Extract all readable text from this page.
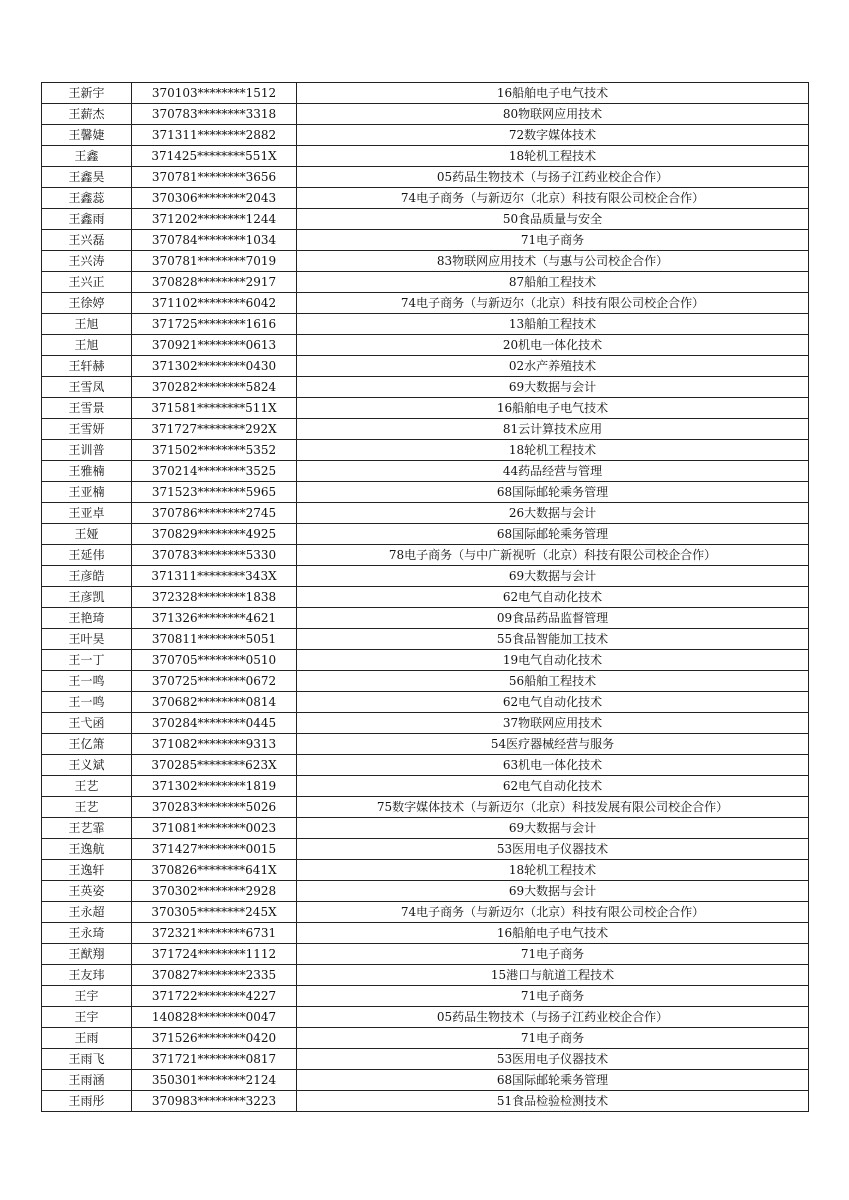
王新宇	370103********1512	16船舶电子电气技术
王薪杰	370783********3318	80物联网应用技术
王馨婕	371311********2882	72数字媒体技术
王鑫	371425********551X	18轮机工程技术
王鑫昊	370781********3656	05药品生物技术（与扬子江药业校企合作）
王鑫蕊	370306********2043	74电子商务（与新迈尔（北京）科技有限公司校企合作）
王鑫雨	371202********1244	50食品质量与安全
王兴磊	370784********1034	71电子商务
王兴涛	370781********7019	83物联网应用技术（与惠与公司校企合作）
王兴正	370828********2917	87船舶工程技术
王徐婷	371102********6042	74电子商务（与新迈尔（北京）科技有限公司校企合作）
王旭	371725********1616	13船舶工程技术
王旭	370921********0613	20机电一体化技术
王轩赫	371302********0430	02水产养殖技术
王雪凤	370282********5824	69大数据与会计
王雪景	371581********511X	16船舶电子电气技术
王雪妍	371727********292X	81云计算技术应用
王训普	371502********5352	18轮机工程技术
王雅楠	370214********3525	44药品经营与管理
王亚楠	371523********5965	68国际邮轮乘务管理
王亚卓	370786********2745	26大数据与会计
王娅	370829********4925	68国际邮轮乘务管理
王延伟	370783********5330	78电子商务（与中广新视听（北京）科技有限公司校企合作）
王彦皓	371311********343X	69大数据与会计
王彦凯	372328********1838	62电气自动化技术
王艳琦	371326********4621	09食品药品监督管理
王叶昊	370811********5051	55食品智能加工技术
王一丁	370705********0510	19电气自动化技术
王一鸣	370725********0672	56船舶工程技术
王一鸣	370682********0814	62电气自动化技术
王弋函	370284********0445	37物联网应用技术
王亿箫	371082********9313	54医疗器械经营与服务
王义斌	370285********623X	63机电一体化技术
王艺	371302********1819	62电气自动化技术
王艺	370283********5026	75数字媒体技术（与新迈尔（北京）科技发展有限公司校企合作）
王艺霏	371081********0023	69大数据与会计
王逸航	371427********0015	53医用电子仪器技术
王逸轩	370826********641X	18轮机工程技术
王英姿	370302********2928	69大数据与会计
王永超	370305********245X	74电子商务（与新迈尔（北京）科技有限公司校企合作）
王永琦	372321********6731	16船舶电子电气技术
王猷翔	371724********1112	71电子商务
王友玮	370827********2335	15港口与航道工程技术
王宇	371722********4227	71电子商务
王宇	140828********0047	05药品生物技术（与扬子江药业校企合作）
王雨	371526********0420	71电子商务
王雨飞	371721********0817	53医用电子仪器技术
王雨涵	350301********2124	68国际邮轮乘务管理
王雨彤	370983********3223	51食品检验检测技术
